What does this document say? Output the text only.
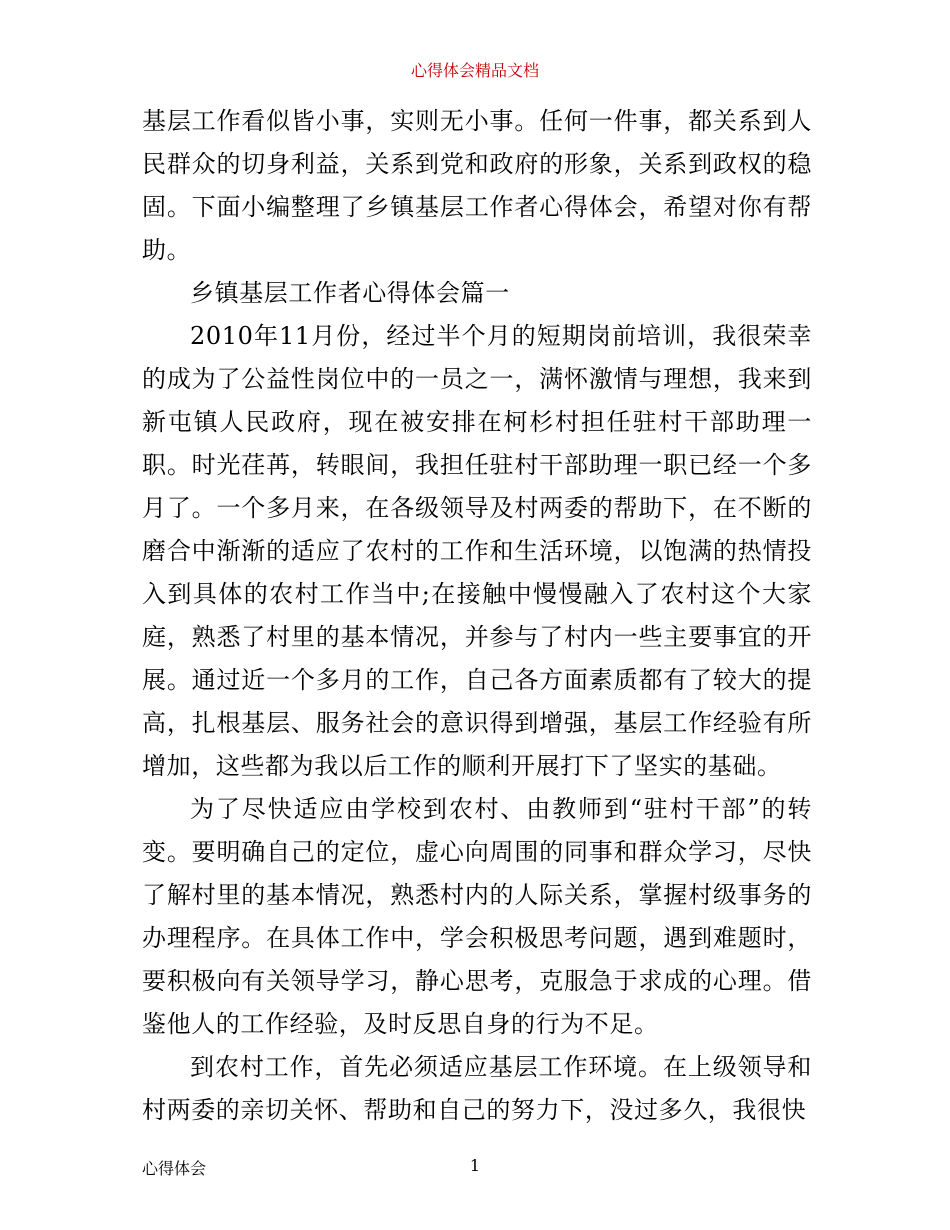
心得体会精品文档

基层工作看似皆小事，实则无小事。任何一件事，都关系到人民群众的切身利益，关系到党和政府的形象，关系到政权的稳固。下面小编整理了乡镇基层工作者心得体会，希望对你有帮助。

乡镇基层工作者心得体会篇一

2010年11月份，经过半个月的短期岗前培训，我很荣幸的成为了公益性岗位中的一员之一，满怀激情与理想，我来到新屯镇人民政府，现在被安排在柯杉村担任驻村干部助理一职。时光荏苒，转眼间，我担任驻村干部助理一职已经一个多月了。一个多月来，在各级领导及村两委的帮助下，在不断的磨合中渐渐的适应了农村的工作和生活环境，以饱满的热情投入到具体的农村工作当中;在接触中慢慢融入了农村这个大家庭，熟悉了村里的基本情况，并参与了村内一些主要事宜的开展。通过近一个多月的工作，自己各方面素质都有了较大的提高，扎根基层、服务社会的意识得到增强，基层工作经验有所增加，这些都为我以后工作的顺利开展打下了坚实的基础。

为了尽快适应由学校到农村、由教师到“驻村干部”的转变。要明确自己的定位，虚心向周围的同事和群众学习，尽快了解村里的基本情况，熟悉村内的人际关系，掌握村级事务的办理程序。在具体工作中，学会积极思考问题，遇到难题时，要积极向有关领导学习，静心思考，克服急于求成的心理。借鉴他人的工作经验，及时反思自身的行为不足。

到农村工作，首先必须适应基层工作环境。在上级领导和村两委的亲切关怀、帮助和自己的努力下，没过多久，我很快

心得体会	1
